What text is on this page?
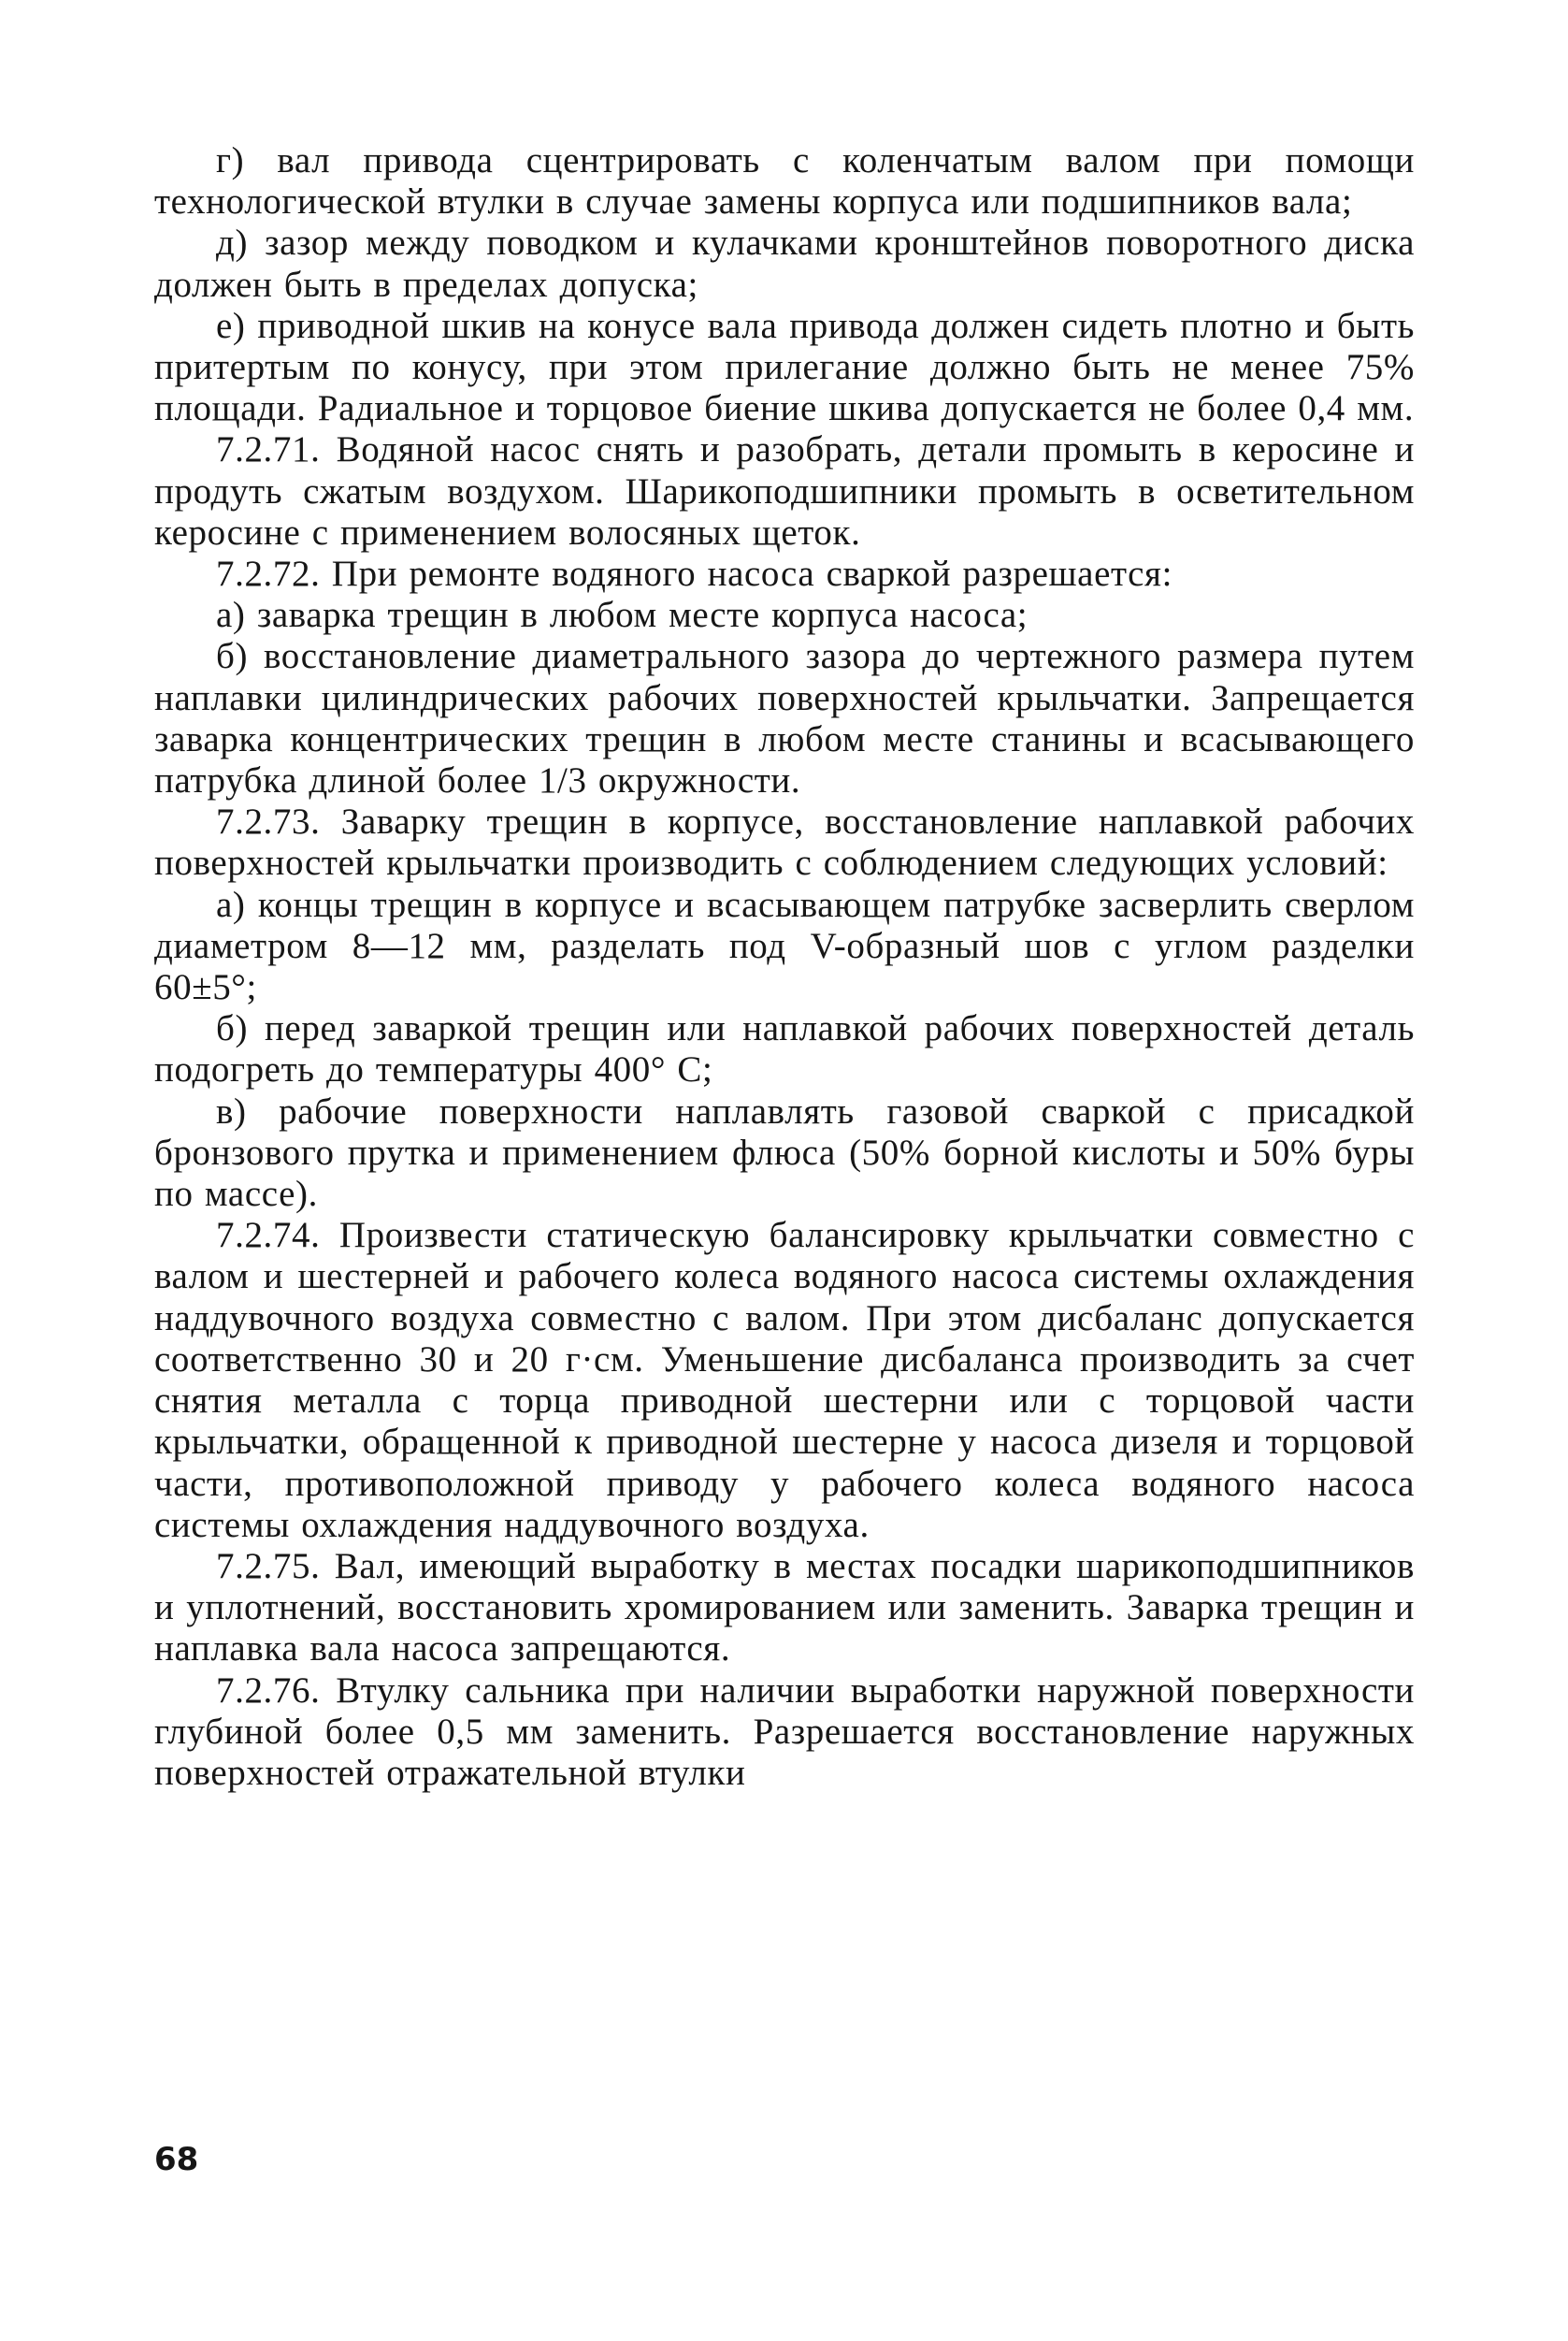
г) вал привода сцентрировать с коленчатым валом при помощи технологической втулки в случае замены корпуса или подшипников вала;

д) зазор между поводком и кулачками кронштейнов поворотного диска должен быть в пределах допуска;

е) приводной шкив на конусе вала привода должен сидеть плотно и быть притертым по конусу, при этом прилегание должно быть не менее 75% площади. Радиальное и торцовое биение шкива допускается не более 0,4 мм.

7.2.71. Водяной насос снять и разобрать, детали промыть в керосине и продуть сжатым воздухом. Шарикоподшипники промыть в осветительном керосине с применением волосяных щеток.

7.2.72. При ремонте водяного насоса сваркой разрешается:

а) заварка трещин в любом месте корпуса насоса;

б) восстановление диаметрального зазора до чертежного размера путем наплавки цилиндрических рабочих поверхностей крыльчатки. Запрещается заварка концентрических трещин в любом месте станины и всасывающего патрубка длиной более 1/3 окружности.

7.2.73. Заварку трещин в корпусе, восстановление наплавкой рабочих поверхностей крыльчатки производить с соблюдением следующих условий:

а) концы трещин в корпусе и всасывающем патрубке засверлить сверлом диаметром 8—12 мм, разделать под V-образный шов с углом разделки 60±5°;

б) перед заваркой трещин или наплавкой рабочих поверхностей деталь подогреть до температуры 400° С;

в) рабочие поверхности наплавлять газовой сваркой с присадкой бронзового прутка и применением флюса (50% борной кислоты и 50% буры по массе).

7.2.74. Произвести статическую балансировку крыльчатки совместно с валом и шестерней и рабочего колеса водяного насоса системы охлаждения наддувочного воздуха совместно с валом. При этом дисбаланс допускается соответственно 30 и 20 г·см. Уменьшение дисбаланса производить за счет снятия металла с торца приводной шестерни или с торцовой части крыльчатки, обращенной к приводной шестерне у насоса дизеля и торцовой части, противоположной приводу у рабочего колеса водяного насоса системы охлаждения наддувочного воздуха.

7.2.75. Вал, имеющий выработку в местах посадки шарикоподшипников и уплотнений, восстановить хромированием или заменить. Заварка трещин и наплавка вала насоса запрещаются.

7.2.76. Втулку сальника при наличии выработки наружной поверхности глубиной более 0,5 мм заменить. Разрешается восстановление наружных поверхностей отражательной втулки

68
